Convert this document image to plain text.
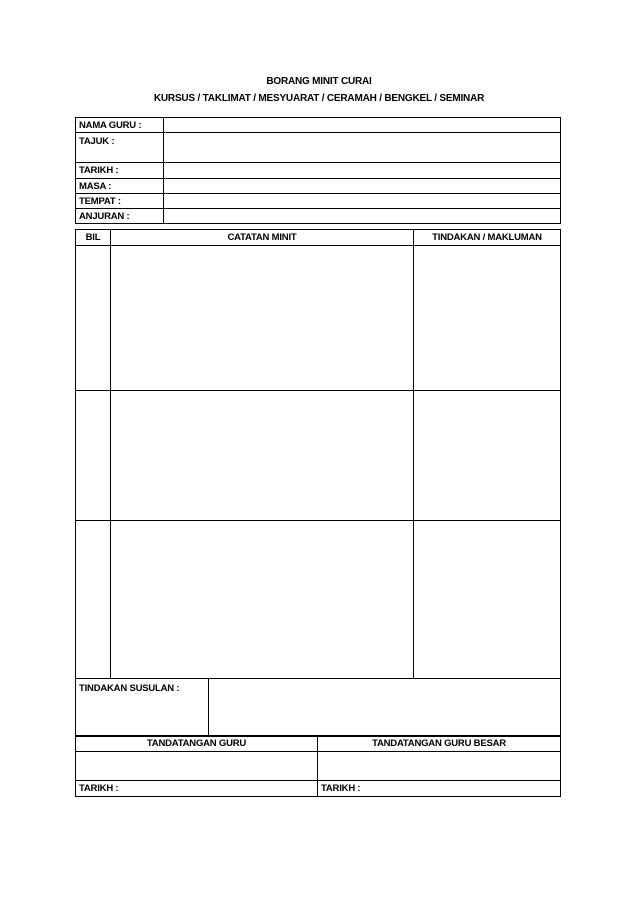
BORANG MINIT CURAI
KURSUS / TAKLIMAT / MESYUARAT / CERAMAH / BENGKEL / SEMINAR
NAMA GURU :	
TAJUK :	
TARIKH :	
MASA :	
TEMPAT :	
ANJURAN :	
BIL	CATATAN MINIT	TINDAKAN / MAKLUMAN

TINDAKAN SUSULAN :	
TANDATANGAN GURU	TANDATANGAN GURU BESAR

TARIKH :	TARIKH :
